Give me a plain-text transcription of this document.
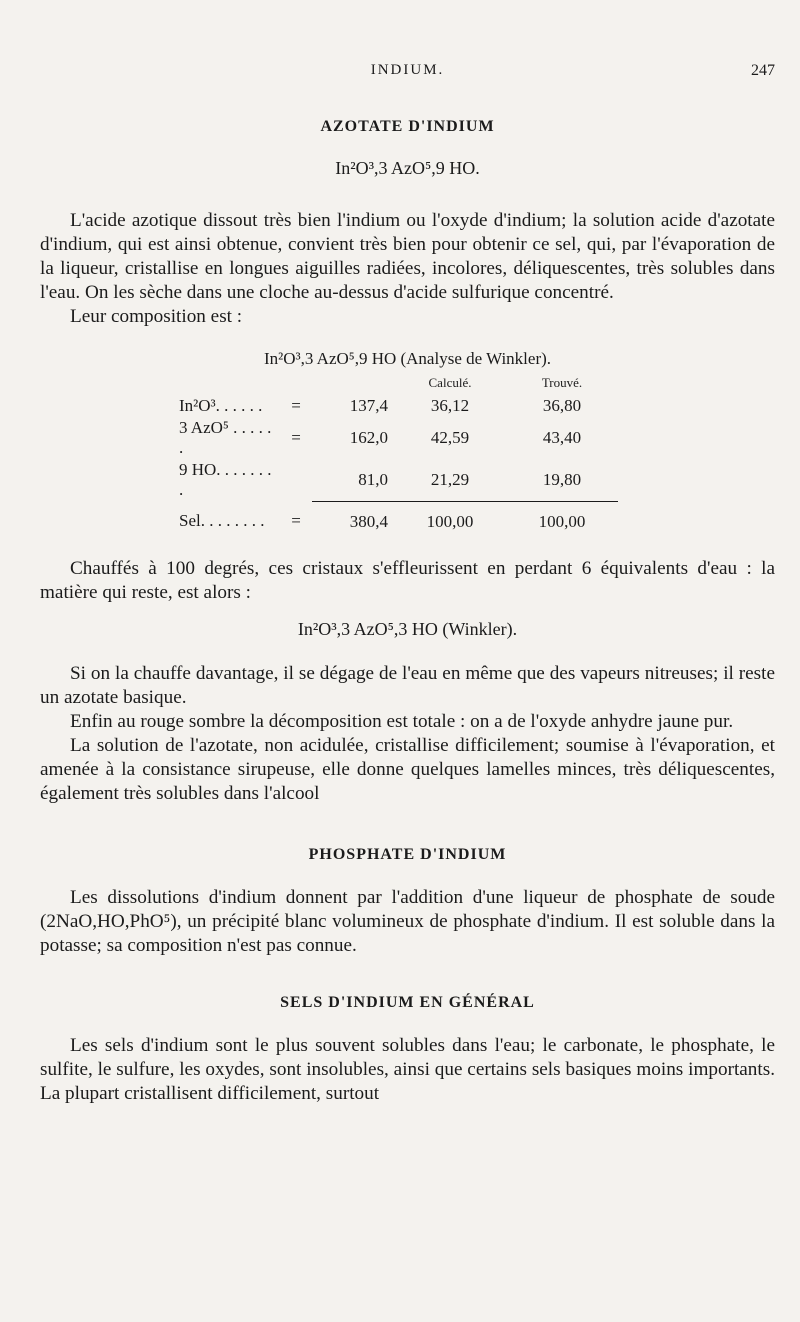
INDIUM.	247
AZOTATE D'INDIUM
In²O³,3 AzO⁵,9 HO.

L'acide azotique dissout très bien l'indium ou l'oxyde d'indium; la solution acide d'azotate d'indium, qui est ainsi obtenue, convient très bien pour obtenir ce sel, qui, par l'évaporation de la liqueur, cristallise en longues aiguilles radiées, incolores, déliquescentes, très solubles dans l'eau. On les sèche dans une cloche au-dessus d'acide sulfurique concentré.

Leur composition est :

In²O³,3 AzO⁵,9 HO (Analyse de Winkler).
			Calculé.	Trouvé.
In²O³. . . . . .	=	137,4	36,12	36,80
3 AzO⁵ . . . . . .	=	162,0	42,59	43,40
9 HO. . . . . . . .		81,0	21,29	19,80
Sel. . . . . . . .	=	380,4	100,00	100,00

Chauffés à 100 degrés, ces cristaux s'effleurissent en perdant 6 équivalents d'eau : la matière qui reste, est alors :

In²O³,3 AzO⁵,3 HO (Winkler).

Si on la chauffe davantage, il se dégage de l'eau en même que des vapeurs nitreuses; il reste un azotate basique.

Enfin au rouge sombre la décomposition est totale : on a de l'oxyde anhydre jaune pur.

La solution de l'azotate, non acidulée, cristallise difficilement; soumise à l'évaporation, et amenée à la consistance sirupeuse, elle donne quelques lamelles minces, très déliquescentes, également très solubles dans l'alcool

PHOSPHATE D'INDIUM

Les dissolutions d'indium donnent par l'addition d'une liqueur de phosphate de soude (2NaO,HO,PhO⁵), un précipité blanc volumineux de phosphate d'indium. Il est soluble dans la potasse; sa composition n'est pas connue.

SELS D'INDIUM EN GÉNÉRAL

Les sels d'indium sont le plus souvent solubles dans l'eau; le carbonate, le phosphate, le sulfite, le sulfure, les oxydes, sont insolubles, ainsi que certains sels basiques moins importants. La plupart cristallisent difficilement, surtout
